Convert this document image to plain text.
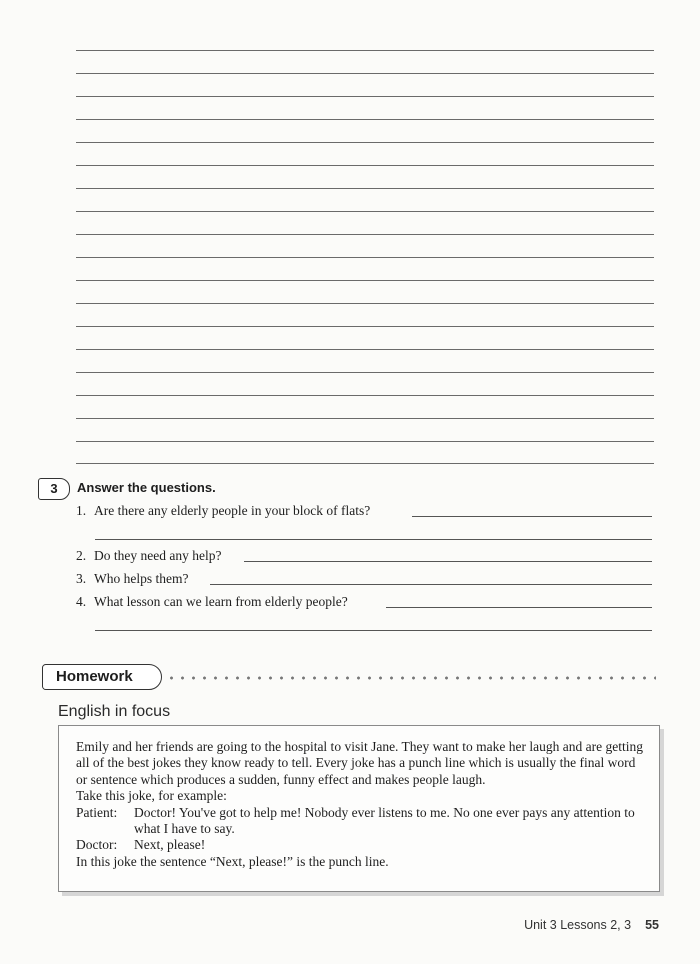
3	Answer the questions.
1. Are there any elderly people in your block of flats?
2. Do they need any help?
3. Who helps them?
4. What lesson can we learn from elderly people?
Homework
English in focus

Emily and her friends are going to the hospital to visit Jane. They want to make her laugh and are getting all of the best jokes they know ready to tell. Every joke has a punch line which is usually the final word or sentence which produces a sudden, funny effect and makes people laugh.

Take this joke, for example:

Patient:	Doctor! You've got to help me! Nobody ever listens to me. No one ever pays any attention to what I have to say.
Doctor:	Next, please!

In this joke the sentence “Next, please!” is the punch line.

Unit 3 Lessons 2, 3 55
